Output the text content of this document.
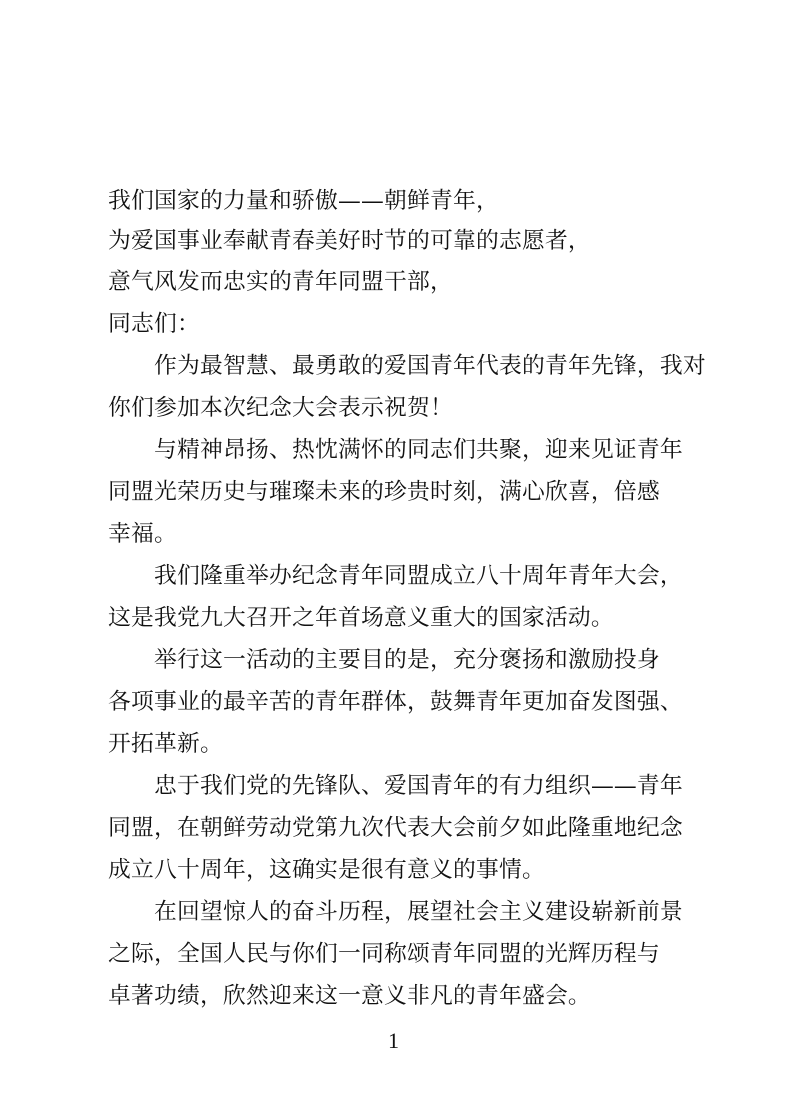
我们国家的力量和骄傲——朝鲜青年，
为爱国事业奉献青春美好时节的可靠的志愿者，
意气风发而忠实的青年同盟干部，
同志们：
作为最智慧、最勇敢的爱国青年代表的青年先锋，我对
你们参加本次纪念大会表示祝贺！
与精神昂扬、热忱满怀的同志们共聚，迎来见证青年
同盟光荣历史与璀璨未来的珍贵时刻，满心欣喜，倍感
幸福。
我们隆重举办纪念青年同盟成立八十周年青年大会，
这是我党九大召开之年首场意义重大的国家活动。
举行这一活动的主要目的是，充分褒扬和激励投身
各项事业的最辛苦的青年群体，鼓舞青年更加奋发图强、
开拓革新。
忠于我们党的先锋队、爱国青年的有力组织——青年
同盟，在朝鲜劳动党第九次代表大会前夕如此隆重地纪念
成立八十周年，这确实是很有意义的事情。
在回望惊人的奋斗历程，展望社会主义建设崭新前景
之际，全国人民与你们一同称颂青年同盟的光辉历程与
卓著功绩，欣然迎来这一意义非凡的青年盛会。
1
